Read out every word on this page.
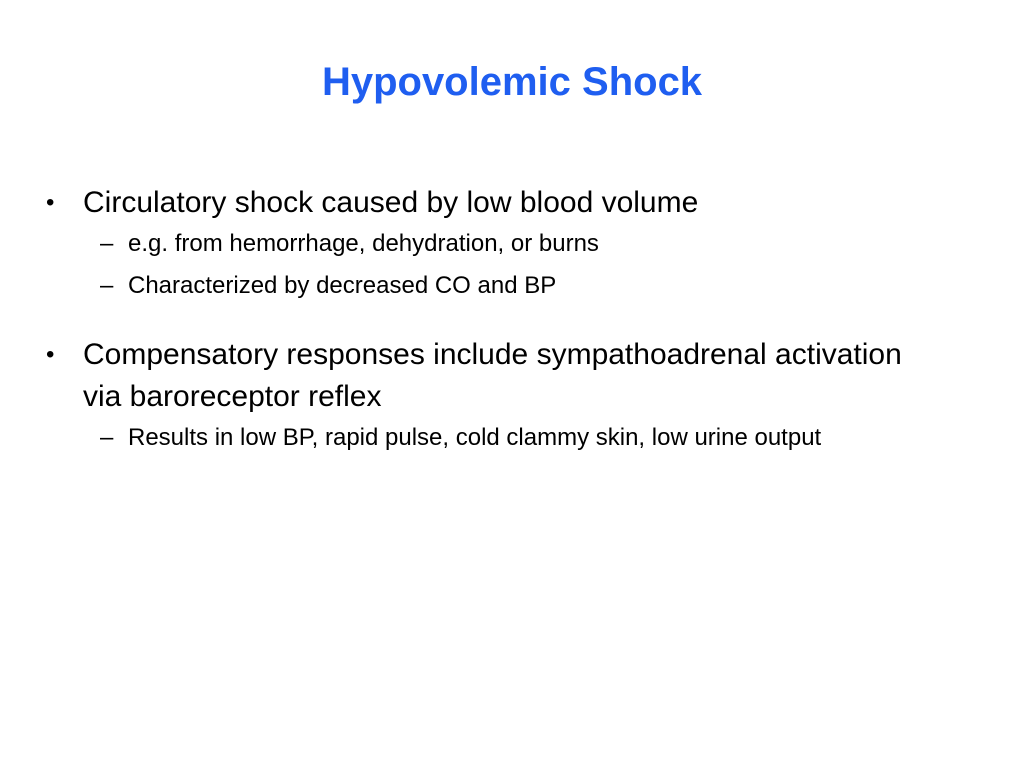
Hypovolemic Shock
• Circulatory shock caused by low blood volume
– e.g. from hemorrhage, dehydration, or burns
– Characterized by decreased CO and BP
• Compensatory responses include sympathoadrenal activation via baroreceptor reflex
– Results in low BP, rapid pulse, cold clammy skin, low urine output
